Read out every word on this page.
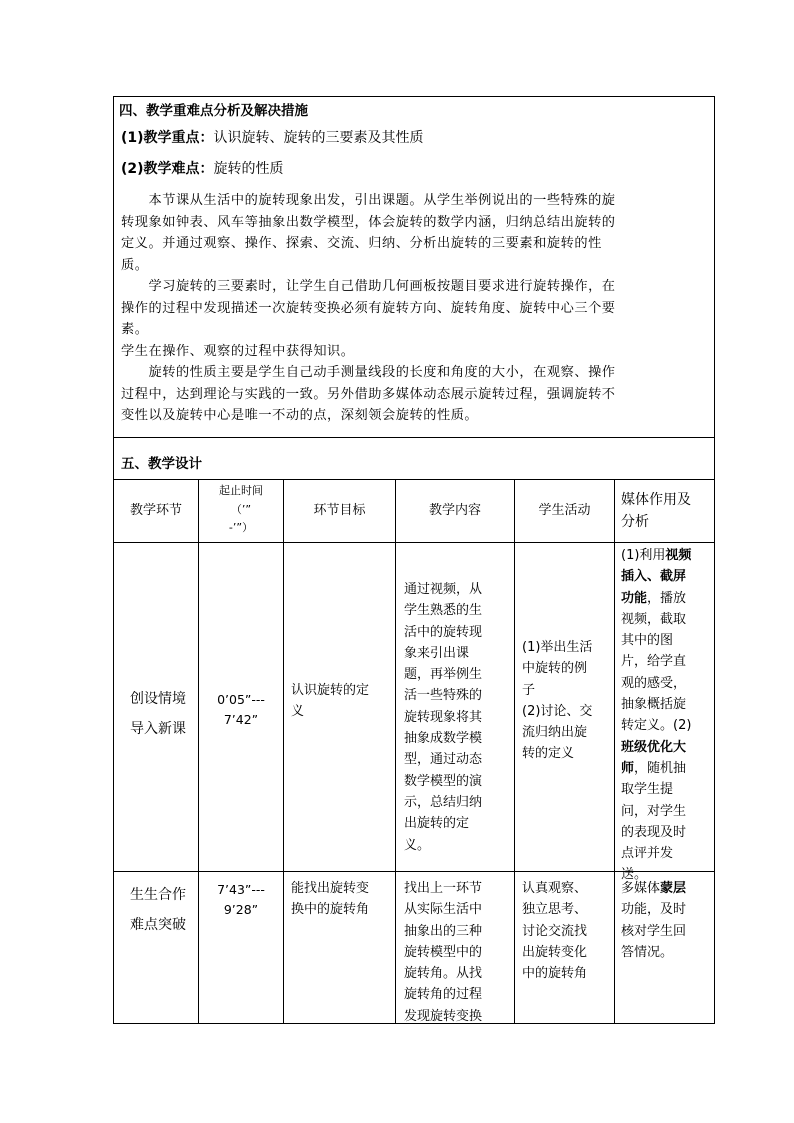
四、教学重难点分析及解决措施
(1)教学重点：认识旋转、旋转的三要素及其性质
(2)教学难点：旋转的性质
　　本节课从生活中的旋转现象出发，引出课题。从学生举例说出的一些特殊的旋
转现象如钟表、风车等抽象出数学模型，体会旋转的数学内涵，归纳总结出旋转的
定义。并通过观察、操作、探索、交流、归纳、分析出旋转的三要素和旋转的性
质。
　　学习旋转的三要素时，让学生自己借助几何画板按题目要求进行旋转操作，在
操作的过程中发现描述一次旋转变换必须有旋转方向、旋转角度、旋转中心三个要
素。
学生在操作、观察的过程中获得知识。
　　旋转的性质主要是学生自己动手测量线段的长度和角度的大小，在观察、操作
过程中，达到理论与实践的一致。另外借助多媒体动态展示旋转过程，强调旋转不
变性以及旋转中心是唯一不动的点，深刻领会旋转的性质。
五、教学设计
教学环节
起止时间
（’”
-’”）
环节目标	教学内容	学生活动
媒体作用及
分析
创设情境
导入新课
0’05”---
7’42”
认识旋转的定
义
通过视频，从
学生熟悉的生
活中的旋转现
象来引出课
题，再举例生
活一些特殊的
旋转现象将其
抽象成数学模
型，通过动态
数学模型的演
示，总结归纳
出旋转的定
义。
(1)举出生活
中旋转的例
子
(2)讨论、交
流归纳出旋
转的定义
(1)利用视频
插入、截屏
功能，播放
视频，截取
其中的图
片，给学直
观的感受，
抽象概括旋
转定义。(2)
班级优化大
师，随机抽
取学生提
问，对学生
的表现及时
点评并发
送。
生生合作
难点突破
7’43”---
9’28”
能找出旋转变
换中的旋转角
找出上一环节
从实际生活中
抽象出的三种
旋转模型中的
旋转角。从找
旋转角的过程
发现旋转变换
认真观察、
独立思考、
讨论交流找
出旋转变化
中的旋转角
多媒体蒙层
功能，及时
核对学生回
答情况。
